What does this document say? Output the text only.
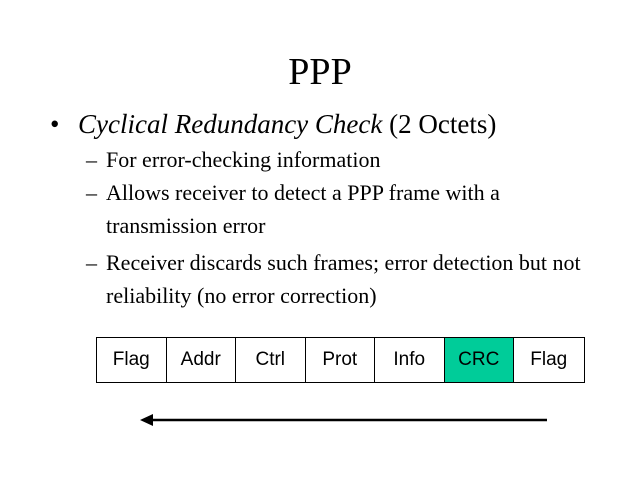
PPP
• Cyclical Redundancy Check (2 Octets)
– For error-checking information
– Allows receiver to detect a PPP frame with a transmission error
– Receiver discards such frames; error detection but not reliability (no error correction)
Flag	Addr	Ctrl	Prot	Info	CRC	Flag
